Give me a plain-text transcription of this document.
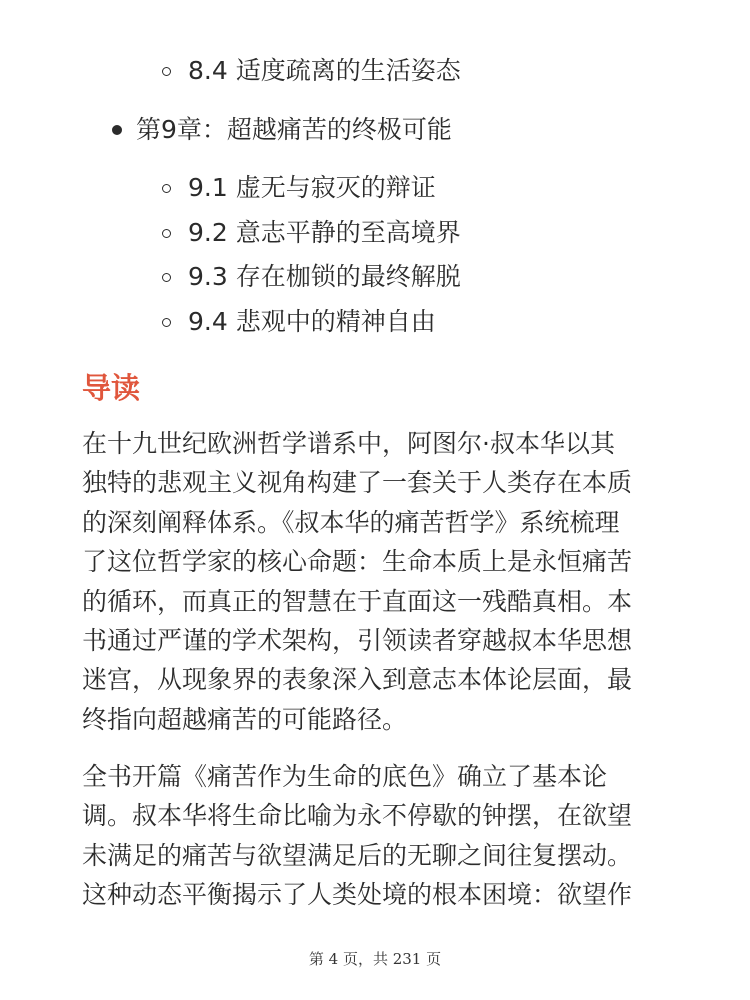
8.4 适度疏离的生活姿态
第9章：超越痛苦的终极可能
9.1 虚无与寂灭的辩证
9.2 意志平静的至高境界
9.3 存在枷锁的最终解脱
9.4 悲观中的精神自由
导读
在十九世纪欧洲哲学谱系中，阿图尔·叔本华以其
独特的悲观主义视角构建了一套关于人类存在本质
的深刻阐释体系。《叔本华的痛苦哲学》系统梳理
了这位哲学家的核心命题：生命本质上是永恒痛苦
的循环，而真正的智慧在于直面这一残酷真相。本
书通过严谨的学术架构，引领读者穿越叔本华思想
迷宫，从现象界的表象深入到意志本体论层面，最
终指向超越痛苦的可能路径。
全书开篇《痛苦作为生命的底色》确立了基本论
调。叔本华将生命比喻为永不停歇的钟摆，在欲望
未满足的痛苦与欲望满足后的无聊之间往复摆动。
这种动态平衡揭示了人类处境的根本困境：欲望作
第 4 页，共 231 页
